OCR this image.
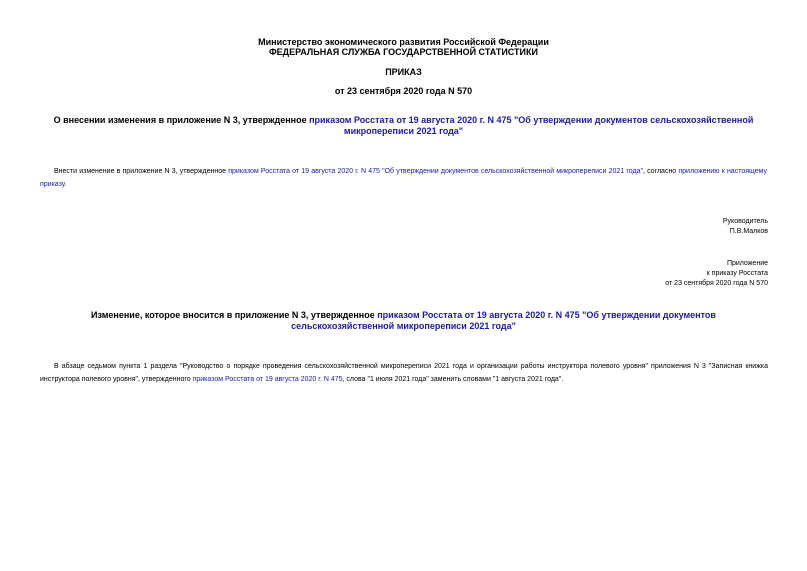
Министерство экономического развития Российской Федерации
ФЕДЕРАЛЬНАЯ СЛУЖБА ГОСУДАРСТВЕННОЙ СТАТИСТИКИ
ПРИКАЗ
от 23 сентября 2020 года N 570
О внесении изменения в приложение N 3, утвержденное приказом Росстата от 19 августа 2020 г. N 475 "Об утверждении документов сельскохозяйственной микропереписи 2021 года"
Внести изменение в приложение N 3, утвержденное приказом Росстата от 19 августа 2020 г. N 475 "Об утверждении документов сельскохозяйственной микропереписи 2021 года", согласно приложению к настоящему приказу.
Руководитель
П.В.Малков
Приложение
к приказу Росстата
от 23 сентября 2020 года N 570
Изменение, которое вносится в приложение N 3, утвержденное приказом Росстата от 19 августа 2020 г. N 475 "Об утверждении документов сельскохозяйственной микропереписи 2021 года"
В абзаце седьмом пункта 1 раздела "Руководство о порядке проведения сельскохозяйственной микропереписи 2021 года и организации работы инструктора полевого уровня" приложения N 3 "Записная книжка инструктора полевого уровня", утвержденного приказом Росстата от 19 августа 2020 г. N 475, слова "1 июля 2021 года" заменить словами "1 августа 2021 года".
